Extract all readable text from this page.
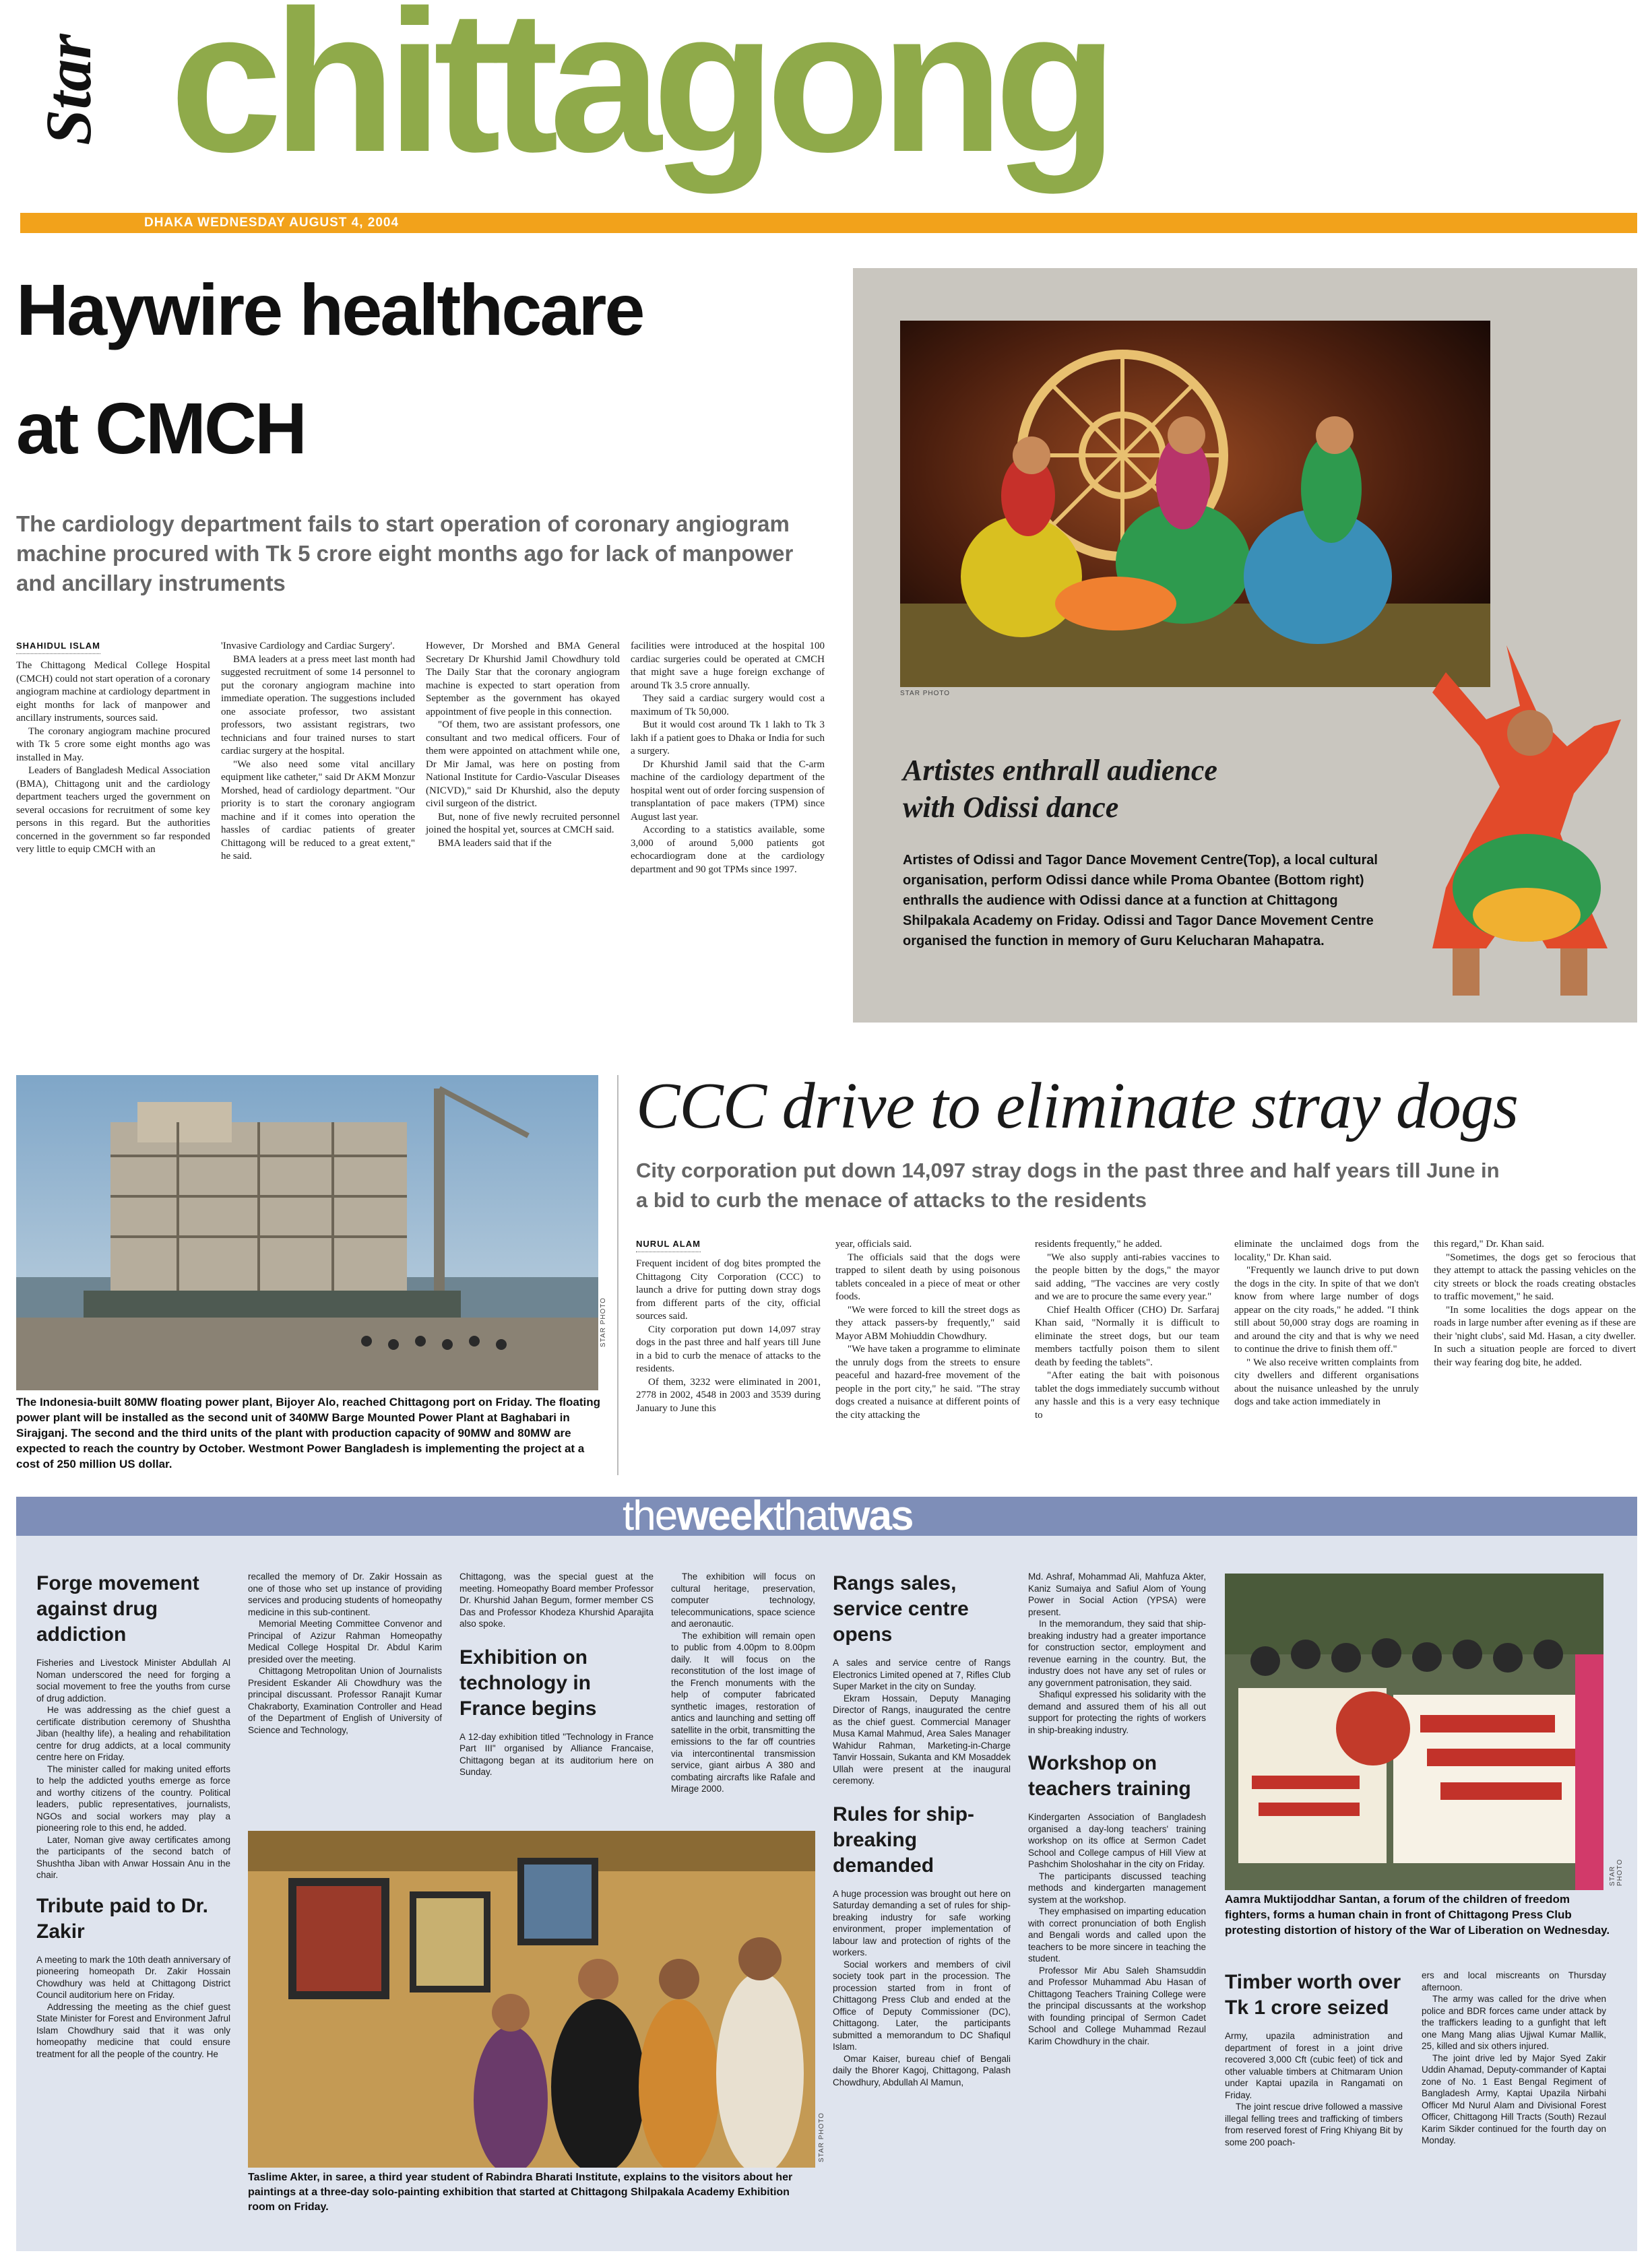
Star chittagong
DHAKA WEDNESDAY AUGUST 4, 2004
Haywire healthcare
at CMCH
The cardiology department fails to start operation of coronary angiogram machine procured with Tk 5 crore eight months ago for lack of manpower and ancillary instruments
SHAHIDUL ISLAM

The Chittagong Medical College Hospital (CMCH) could not start operation of a coronary angiogram machine at cardiology department in eight months for lack of manpower and ancillary instruments, sources said.

The coronary angiogram machine procured with Tk 5 crore some eight months ago was installed in May.

Leaders of Bangladesh Medical Association (BMA), Chittagong unit and the cardiology department teachers urged the government on several occasions for recruitment of some key persons in this regard. But the authorities concerned in the government so far responded very little to equip CMCH with an

'Invasive Cardiology and Cardiac Surgery'.

BMA leaders at a press meet last month had suggested recruitment of some 14 personnel to put the coronary angiogram machine into immediate operation. The suggestions included one associate professor, two assistant professors, two assistant registrars, two technicians and four trained nurses to start cardiac surgery at the hospital.

"We also need some vital ancillary equipment like catheter," said Dr AKM Monzur Morshed, head of cardiology department. "Our priority is to start the coronary angiogram machine and if it comes into operation the hassles of cardiac patients of greater Chittagong will be reduced to a great extent," he said.

However, Dr Morshed and BMA General Secretary Dr Khurshid Jamil Chowdhury told The Daily Star that the coronary angiogram machine is expected to start operation from September as the government has okayed appointment of five people in this connection.

"Of them, two are assistant professors, one consultant and two medical officers. Four of them were appointed on attachment while one, Dr Mir Jamal, was here on posting from National Institute for Cardio-Vascular Diseases (NICVD)," said Dr Khurshid, also the deputy civil surgeon of the district.

But, none of five newly recruited personnel joined the hospital yet, sources at CMCH said.

BMA leaders said that if the

facilities were introduced at the hospital 100 cardiac surgeries could be operated at CMCH that might save a huge foreign exchange of around Tk 3.5 crore annually.

They said a cardiac surgery would cost a maximum of Tk 50,000.

But it would cost around Tk 1 lakh to Tk 3 lakh if a patient goes to Dhaka or India for such a surgery.

Dr Khurshid Jamil said that the C-arm machine of the cardiology department of the hospital went out of order forcing suspension of transplantation of pace makers (TPM) since August last year.

According to a statistics available, some 3,000 of around 5,000 patients got echocardiogram done at the cardiology department and 90 got TPMs since 1997.

STAR PHOTO
Artistes enthrall audience with Odissi dance
Artistes of Odissi and Tagor Dance Movement Centre(Top), a local cultural organisation, perform Odissi dance while Proma Obantee (Bottom right) enthralls the audience with Odissi dance at a function at Chittagong Shilpakala Academy on Friday. Odissi and Tagor Dance Movement Centre organised the function in memory of Guru Kelucharan Mahapatra.
STAR PHOTO
The Indonesia-built 80MW floating power plant, Bijoyer Alo, reached Chittagong port on Friday. The floating power plant will be installed as the second unit of 340MW Barge Mounted Power Plant at Baghabari in Sirajganj. The second and the third units of the plant with production capacity of 90MW and 80MW are expected to reach the country by October. Westmont Power Bangladesh is implementing the project at a cost of 250 million US dollar.
CCC drive to eliminate stray dogs
City corporation put down 14,097 stray dogs in the past three and half years till June in a bid to curb the menace of attacks to the residents
NURUL ALAM

Frequent incident of dog bites prompted the Chittagong City Corporation (CCC) to launch a drive for putting down stray dogs from different parts of the city, official sources said.

City corporation put down 14,097 stray dogs in the past three and half years till June in a bid to curb the menace of attacks to the residents.

Of them, 3232 were eliminated in 2001, 2778 in 2002, 4548 in 2003 and 3539 during January to June this

year, officials said.

The officials said that the dogs were trapped to silent death by using poisonous tablets concealed in a piece of meat or other foods.

"We were forced to kill the street dogs as they attack passers-by frequently," said Mayor ABM Mohiuddin Chowdhury.

"We have taken a programme to eliminate the unruly dogs from the streets to ensure peaceful and hazard-free movement of the people in the port city," he said. "The stray dogs created a nuisance at different points of the city attacking the

residents frequently," he added.

"We also supply anti-rabies vaccines to the people bitten by the dogs," the mayor said adding, "The vaccines are very costly and we are to procure the same every year."

Chief Health Officer (CHO) Dr. Sarfaraj Khan said, "Normally it is difficult to eliminate the street dogs, but our team members tactfully poison them to silent death by feeding the tablets".

"After eating the bait with poisonous tablet the dogs immediately succumb without any hassle and this is a very easy technique to

eliminate the unclaimed dogs from the locality," Dr. Khan said.

"Frequently we launch drive to put down the dogs in the city. In spite of that we don't know from where large number of dogs appear on the city roads," he added. "I think still about 50,000 stray dogs are roaming in and around the city and that is why we need to continue the drive to finish them off."

" We also receive written complaints from city dwellers and different organisations about the nuisance unleashed by the unruly dogs and take action immediately in

this regard," Dr. Khan said.

"Sometimes, the dogs get so ferocious that they attempt to attack the passing vehicles on the city streets or block the roads creating obstacles to traffic movement," he said.

"In some localities the dogs appear on the roads in large number after evening as if these are their 'night clubs', said Md. Hasan, a city dweller. In such a situation people are forced to divert their way fearing dog bite, he added.

theweekthatwas
Forge movement against drug addiction

Fisheries and Livestock Minister Abdullah Al Noman underscored the need for forging a social movement to free the youths from curse of drug addiction.

He was addressing as the chief guest a certificate distribution ceremony of Shushtha Jiban (healthy life), a healing and rehabilitation centre for drug addicts, at a local community centre here on Friday.

The minister called for making united efforts to help the addicted youths emerge as force and worthy citizens of the country. Political leaders, public representatives, journalists, NGOs and social workers may play a pioneering role to this end, he added.

Later, Noman give away certificates among the participants of the second batch of Shushtha Jiban with Anwar Hossain Anu in the chair.

Tribute paid to Dr. Zakir

A meeting to mark the 10th death anniversary of pioneering homeopath Dr. Zakir Hossain Chowdhury was held at Chittagong District Council auditorium here on Friday.

Addressing the meeting as the chief guest State Minister for Forest and Environment Jafrul Islam Chowdhury said that it was only homeopathy medicine that could ensure treatment for all the people of the country. He

recalled the memory of Dr. Zakir Hossain as one of those who set up instance of providing services and producing students of homeopathy medicine in this sub-continent.

Memorial Meeting Committee Convenor and Principal of Azizur Rahman Homeopathy Medical College Hospital Dr. Abdul Karim presided over the meeting.

Chittagong Metropolitan Union of Journalists President Eskander Ali Chowdhury was the principal discussant. Professor Ranajit Kumar Chakraborty, Examination Controller and Head of the Department of English of University of Science and Technology,

Chittagong, was the special guest at the meeting. Homeopathy Board member Professor Dr. Khurshid Jahan Begum, former member CS Das and Professor Khodeza Khurshid Aparajita also spoke.

Exhibition on technology in France begins

A 12-day exhibition titled "Technology in France Part III" organised by Alliance Francaise, Chittagong began at its auditorium here on Sunday.

The exhibition will focus on cultural heritage, preservation, computer technology, telecommunications, space science and aeronautic.

The exhibition will remain open to public from 4.00pm to 8.00pm daily. It will focus on the reconstitution of the lost image of the French monuments with the help of computer fabricated synthetic images, restoration of antics and launching and setting off satellite in the orbit, transmitting the emissions to the far off countries via intercontinental transmission service, giant airbus A 380 and combating aircrafts like Rafale and Mirage 2000.

STAR PHOTO
Taslime Akter, in saree, a third year student of Rabindra Bharati Institute, explains to the visitors about her paintings at a three-day solo-painting exhibition that started at Chittagong Shilpakala Academy Exhibition room on Friday.
Rangs sales, service centre opens

A sales and service centre of Rangs Electronics Limited opened at 7, Rifles Club Super Market in the city on Sunday.

Ekram Hossain, Deputy Managing Director of Rangs, inaugurated the centre as the chief guest. Commercial Manager Musa Kamal Mahmud, Area Sales Manager Wahidur Rahman, Marketing-in-Charge Tanvir Hossain, Sukanta and KM Mosaddek Ullah were present at the inaugural ceremony.

Rules for ship-breaking demanded

A huge procession was brought out here on Saturday demanding a set of rules for ship-breaking industry for safe working environment, proper implementation of labour law and protection of rights of the workers.

Social workers and members of civil society took part in the procession. The procession started from in front of Chittagong Press Club and ended at the Office of Deputy Commissioner (DC), Chittagong. Later, the participants submitted a memorandum to DC Shafiqul Islam.

Omar Kaiser, bureau chief of Bengali daily the Bhorer Kagoj, Chittagong, Palash Chowdhury, Abdullah Al Mamun,

Md. Ashraf, Mohammad Ali, Mahfuza Akter, Kaniz Sumaiya and Safiul Alom of Young Power in Social Action (YPSA) were present.

In the memorandum, they said that ship-breaking industry had a greater importance for construction sector, employment and revenue earning in the country. But, the industry does not have any set of rules or any government patronisation, they said.

Shafiqul expressed his solidarity with the demand and assured them of his all out support for protecting the rights of workers in ship-breaking industry.

Workshop on teachers training

Kindergarten Association of Bangladesh organised a day-long teachers' training workshop on its office at Sermon Cadet School and College campus of Hill View at Pashchim Sholoshahar in the city on Friday.

The participants discussed teaching methods and kindergarten management system at the workshop.

They emphasised on imparting education with correct pronunciation of both English and Bengali words and called upon the teachers to be more sincere in teaching the student.

Professor Mir Abu Saleh Shamsuddin and Professor Muhammad Abu Hasan of Chittagong Teachers Training College were the principal discussants at the workshop with founding principal of Sermon Cadet School and College Muhammad Rezaul Karim Chowdhury in the chair.

STAR PHOTO
Aamra Muktijoddhar Santan, a forum of the children of freedom fighters, forms a human chain in front of Chittagong Press Club protesting distortion of history of the War of Liberation on Wednesday.
Timber worth over Tk 1 crore seized

Army, upazila administration and department of forest in a joint drive recovered 3,000 Cft (cubic feet) of tick and other valuable timbers at Chitmaram Union under Kaptai upazila in Rangamati on Friday.

The joint rescue drive followed a massive illegal felling trees and trafficking of timbers from reserved forest of Fring Khiyang Bit by some 200 poach-

ers and local miscreants on Thursday afternoon.

The army was called for the drive when police and BDR forces came under attack by the traffickers leading to a gunfight that left one Mang Mang alias Ujjwal Kumar Mallik, 25, killed and six others injured.

The joint drive led by Major Syed Zakir Uddin Ahamad, Deputy-commander of Kaptai zone of No. 1 East Bengal Regiment of Bangladesh Army, Kaptai Upazila Nirbahi Officer Md Nurul Alam and Divisional Forest Officer, Chittagong Hill Tracts (South) Rezaul Karim Sikder continued for the fourth day on Monday.
